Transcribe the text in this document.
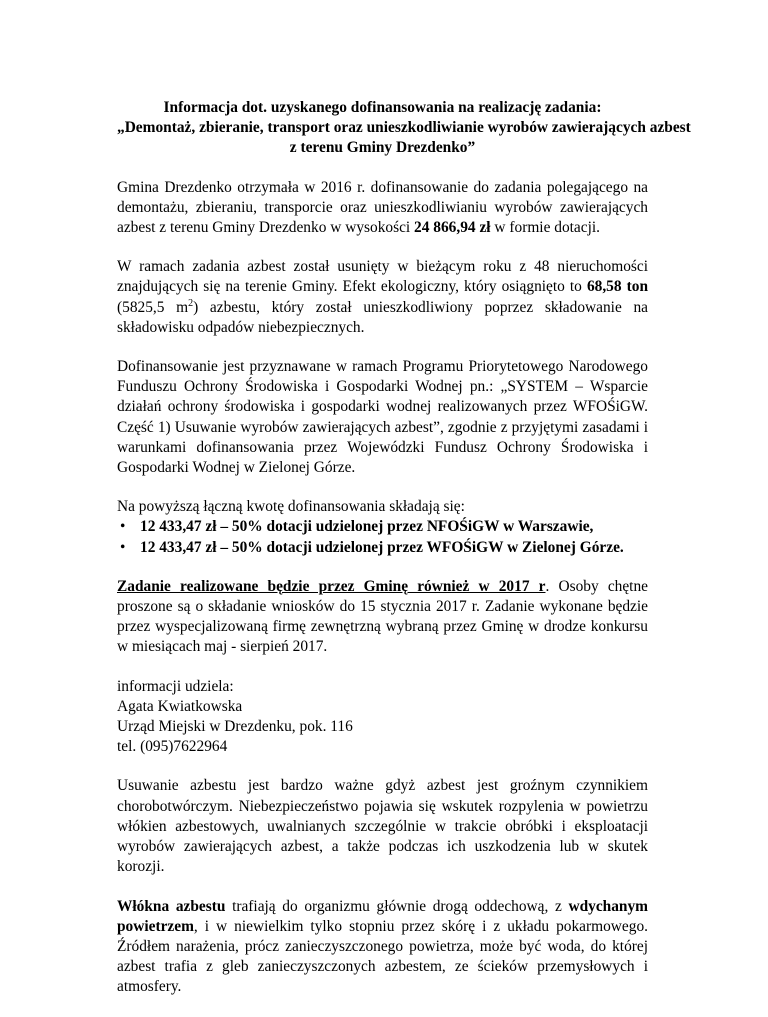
Informacja dot. uzyskanego dofinansowania na realizację zadania:
„Demontaż, zbieranie, transport oraz unieszkodliwianie wyrobów zawierających azbest
z terenu Gminy Drezdenko”

Gmina Drezdenko otrzymała w 2016 r. dofinansowanie do zadania polegającego na demontażu, zbieraniu, transporcie oraz unieszkodliwianiu wyrobów zawierających azbest z terenu Gminy Drezdenko w wysokości 24 866,94 zł w formie dotacji.

W ramach zadania azbest został usunięty w bieżącym roku z 48 nieruchomości znajdujących się na terenie Gminy. Efekt ekologiczny, który osiągnięto to 68,58 ton (5825,5 $m^2$) azbestu, który został unieszkodliwiony poprzez składowanie na składowisku odpadów niebezpiecznych.

Dofinansowanie jest przyznawane w ramach Programu Priorytetowego Narodowego Funduszu Ochrony Środowiska i Gospodarki Wodnej pn.: „SYSTEM – Wsparcie działań ochrony środowiska i gospodarki wodnej realizowanych przez WFOŚiGW. Część 1) Usuwanie wyrobów zawierających azbest”, zgodnie z przyjętymi zasadami i warunkami dofinansowania przez Wojewódzki Fundusz Ochrony Środowiska i Gospodarki Wodnej w Zielonej Górze.

Na powyższą łączną kwotę dofinansowania składają się:
• 12 433,47 zł – 50% dotacji udzielonej przez NFOŚiGW w Warszawie,
• 12 433,47 zł – 50% dotacji udzielonej przez WFOŚiGW w Zielonej Górze.

Zadanie realizowane będzie przez Gminę również w 2017 r. Osoby chętne proszone są o składanie wniosków do 15 stycznia 2017 r. Zadanie wykonane będzie przez wyspecjalizowaną firmę zewnętrzną wybraną przez Gminę w drodze konkursu w miesiącach maj - sierpień 2017.

informacji udziela:
Agata Kwiatkowska
Urząd Miejski w Drezdenku, pok. 116
tel. (095)7622964

Usuwanie azbestu jest bardzo ważne gdyż azbest jest groźnym czynnikiem chorobotwórczym. Niebezpieczeństwo pojawia się wskutek rozpylenia w powietrzu włókien azbestowych, uwalnianych szczególnie w trakcie obróbki i eksploatacji wyrobów zawierających azbest, a także podczas ich uszkodzenia lub w skutek korozji.

Włókna azbestu trafiają do organizmu głównie drogą oddechową, z wdychanym powietrzem, i w niewielkim tylko stopniu przez skórę i z układu pokarmowego. Źródłem narażenia, prócz zanieczyszczonego powietrza, może być woda, do której azbest trafia z gleb zanieczyszczonych azbestem, ze ścieków przemysłowych i atmosfery.
